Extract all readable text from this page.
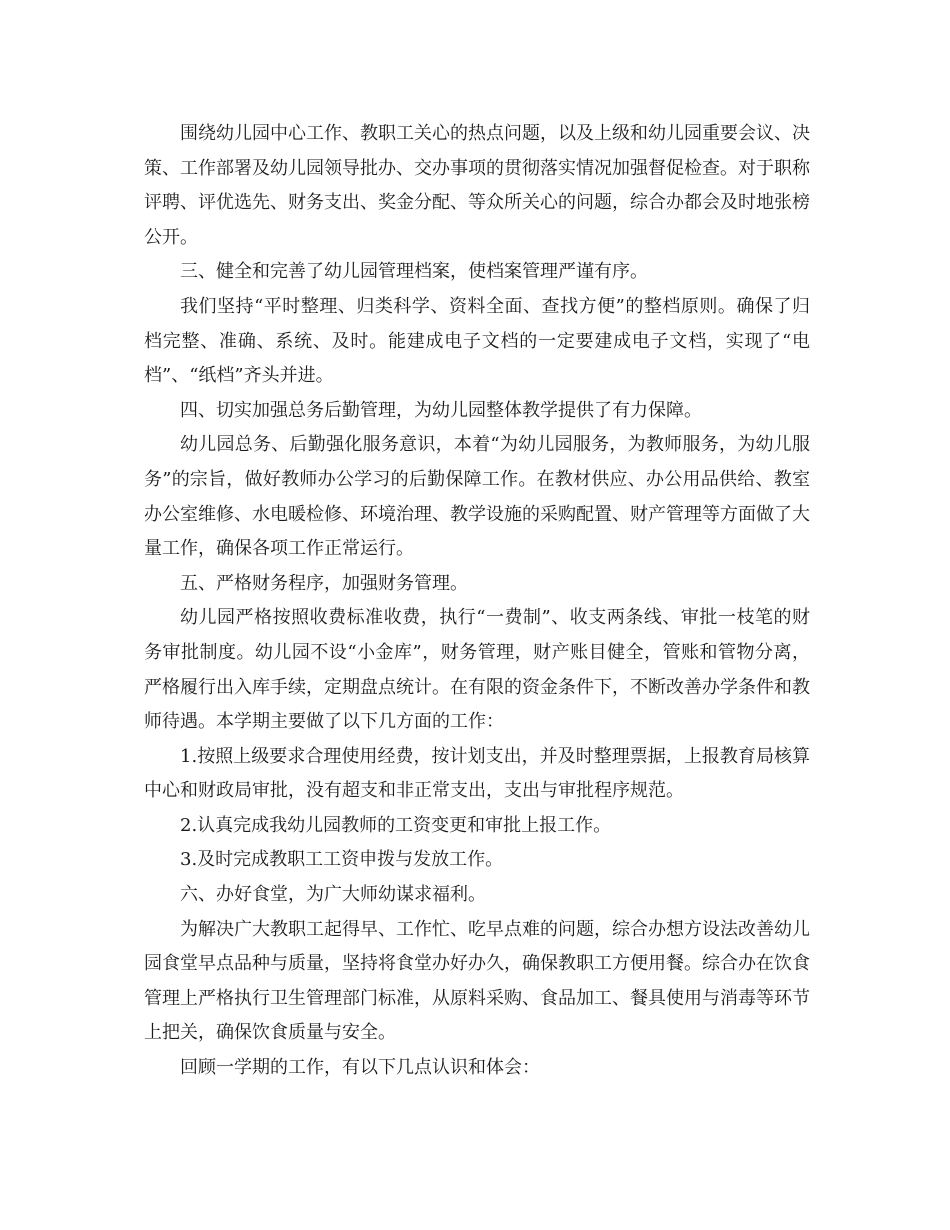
围绕幼儿园中心工作、教职工关心的热点问题，以及上级和幼儿园重要会议、决策、工作部署及幼儿园领导批办、交办事项的贯彻落实情况加强督促检查。对于职称评聘、评优选先、财务支出、奖金分配、等众所关心的问题，综合办都会及时地张榜公开。

三、健全和完善了幼儿园管理档案，使档案管理严谨有序。

我们坚持“平时整理、归类科学、资料全面、查找方便”的整档原则。确保了归档完整、准确、系统、及时。能建成电子文档的一定要建成电子文档，实现了“电档”、“纸档”齐头并进。

四、切实加强总务后勤管理，为幼儿园整体教学提供了有力保障。

幼儿园总务、后勤强化服务意识，本着“为幼儿园服务，为教师服务，为幼儿服务”的宗旨，做好教师办公学习的后勤保障工作。在教材供应、办公用品供给、教室办公室维修、水电暖检修、环境治理、教学设施的采购配置、财产管理等方面做了大量工作，确保各项工作正常运行。

五、严格财务程序，加强财务管理。

幼儿园严格按照收费标准收费，执行“一费制”、收支两条线、审批一枝笔的财务审批制度。幼儿园不设“小金库”，财务管理，财产账目健全，管账和管物分离，严格履行出入库手续，定期盘点统计。在有限的资金条件下，不断改善办学条件和教师待遇。本学期主要做了以下几方面的工作：

1.按照上级要求合理使用经费，按计划支出，并及时整理票据，上报教育局核算中心和财政局审批，没有超支和非正常支出，支出与审批程序规范。

2.认真完成我幼儿园教师的工资变更和审批上报工作。

3.及时完成教职工工资申拨与发放工作。

六、办好食堂，为广大师幼谋求福利。

为解决广大教职工起得早、工作忙、吃早点难的问题，综合办想方设法改善幼儿园食堂早点品种与质量，坚持将食堂办好办久，确保教职工方便用餐。综合办在饮食管理上严格执行卫生管理部门标准，从原料采购、食品加工、餐具使用与消毒等环节上把关，确保饮食质量与安全。

回顾一学期的工作，有以下几点认识和体会：
